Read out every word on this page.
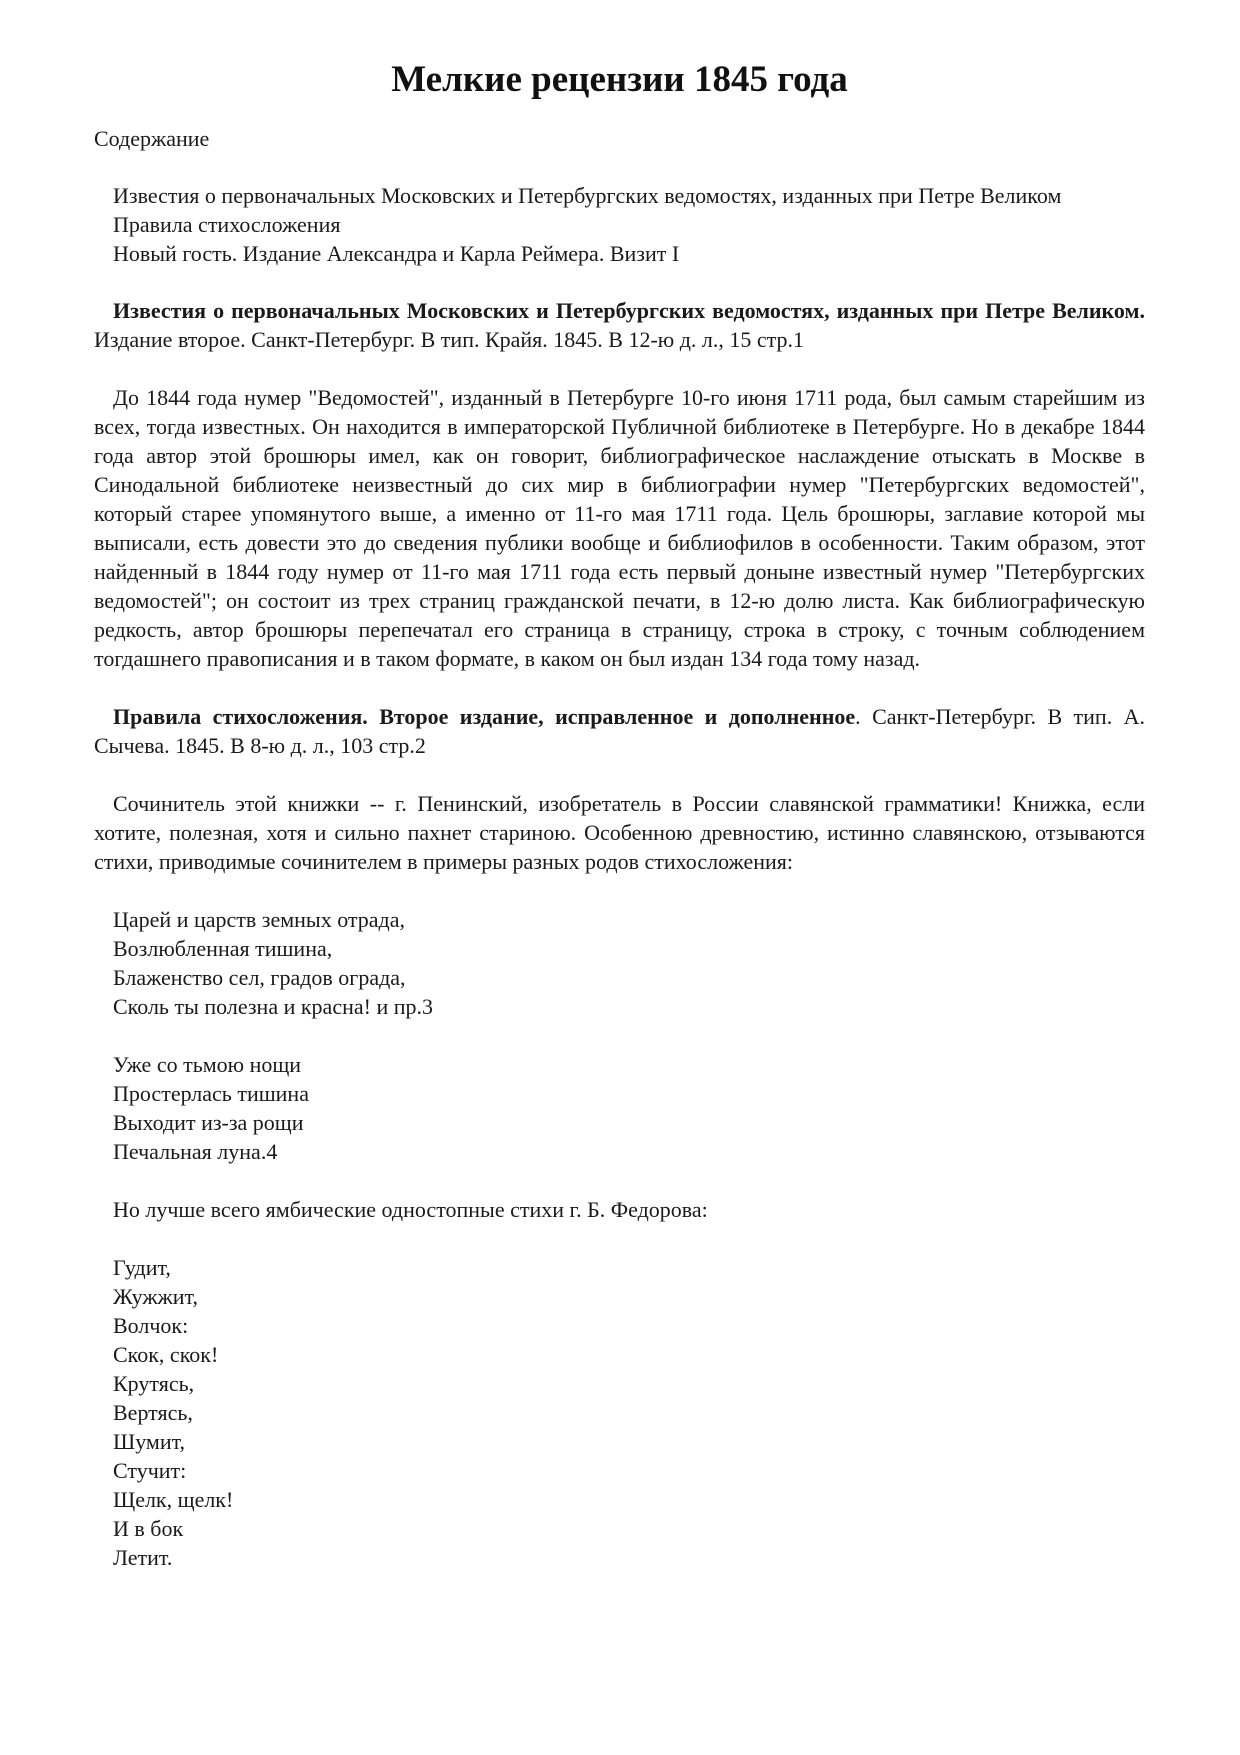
Мелкие рецензии 1845 года
Содержание

Известия о первоначальных Московских и Петербургских ведомостях, изданных при Петре Великом

Правила стихосложения

Новый гость. Издание Александра и Карла Реймера. Визит I

Известия о первоначальных Московских и Петербургских ведомостях, изданных при Петре Великом. Издание второе. Санкт-Петербург. В тип. Крайя. 1845. В 12-ю д. л., 15 стр.1

До 1844 года нумер "Ведомостей", изданный в Петербурге 10-го июня 1711 рода, был самым старейшим из всех, тогда известных. Он находится в императорской Публичной библиотеке в Петербурге. Но в декабре 1844 года автор этой брошюры имел, как он говорит, библиографическое наслаждение отыскать в Москве в Синодальной библиотеке неизвестный до сих мир в библиографии нумер "Петербургских ведомостей", который старее упомянутого выше, а именно от 11-го мая 1711 года. Цель брошюры, заглавие которой мы выписали, есть довести это до сведения публики вообще и библиофилов в особенности. Таким образом, этот найденный в 1844 году нумер от 11-го мая 1711 года есть первый доныне известный нумер "Петербургских ведомостей"; он состоит из трех страниц гражданской печати, в 12-ю долю листа. Как библиографическую редкость, автор брошюры перепечатал его страница в страницу, строка в строку, с точным соблюдением тогдашнего правописания и в таком формате, в каком он был издан 134 года тому назад.

Правила стихосложения. Второе издание, исправленное и дополненное. Санкт-Петербург. В тип. А. Сычева. 1845. В 8-ю д. л., 103 стр.2

Сочинитель этой книжки -- г. Пенинский, изобретатель в России славянской грамматики! Книжка, если хотите, полезная, хотя и сильно пахнет стариною. Особенною древностию, истинно славянскою, отзываются стихи, приводимые сочинителем в примеры разных родов стихосложения:

Царей и царств земных отрада,
Возлюбленная тишина,
Блаженство сел, градов ограда,
Сколь ты полезна и красна! и пр.3
Уже со тьмою нощи
Простерлась тишина
Выходит из-за рощи
Печальная луна.4

Но лучше всего ямбические одностопные стихи г. Б. Федорова:

Гудит,
Жужжит,
Волчок:
Скок, скок!
Крутясь,
Вертясь,
Шумит,
Стучит:
Щелк, щелк!
И в бок
Летит.
